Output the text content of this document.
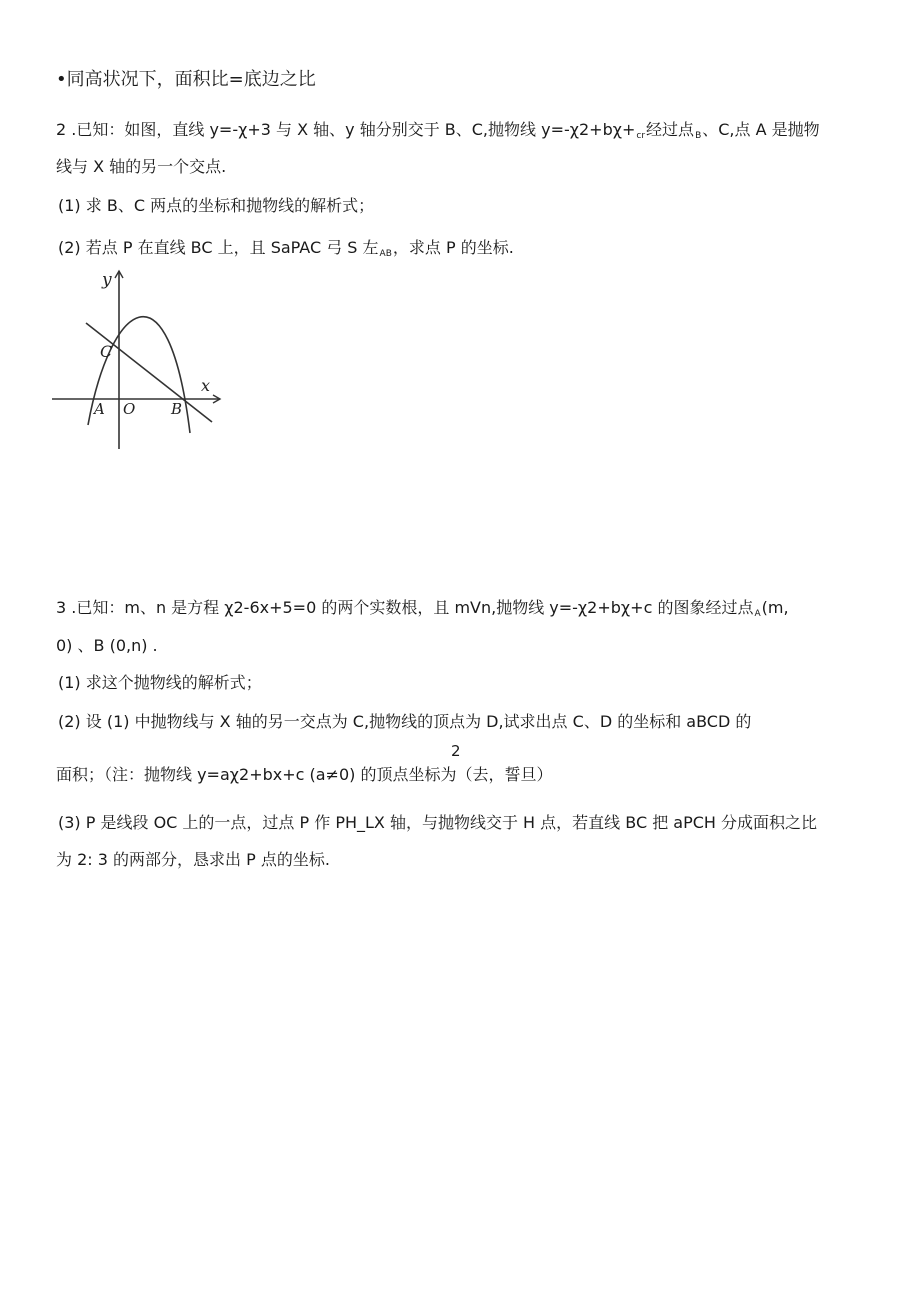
•同高状况下，面积比=底边之比
2 .已知：如图，直线 y=-χ+3 与 X 轴、y 轴分别交于 B、C,抛物线 y=-χ2+bχ+cr经过点B、C,点 A 是抛物
线与 X 轴的另一个交点.
(1) 求 B、C 两点的坐标和抛物线的解析式；
(2) 若点 P 在直线 BC 上，且 SaPAC 弓 S 左AB，求点 P 的坐标.
y
x
C
A O B
3 .已知：m、n 是方程 χ2-6x+5=0 的两个实数根，且 mVn,抛物线 y=-χ2+bχ+c 的图象经过点A(m,
0) 、B (0,n) .
(1) 求这个抛物线的解析式；
(2) 设 (1) 中抛物线与 X 轴的另一交点为 C,抛物线的顶点为 D,试求出点 C、D 的坐标和 aBCD 的
2
面积；（注：抛物线 y=aχ2+bx+c (a≠0) 的顶点坐标为（去，誓旦）
(3) P 是线段 OC 上的一点，过点 P 作 PH_LX 轴，与抛物线交于 H 点，若直线 BC 把 aPCH 分成面积之比
为 2: 3 的两部分，恳求出 P 点的坐标.
